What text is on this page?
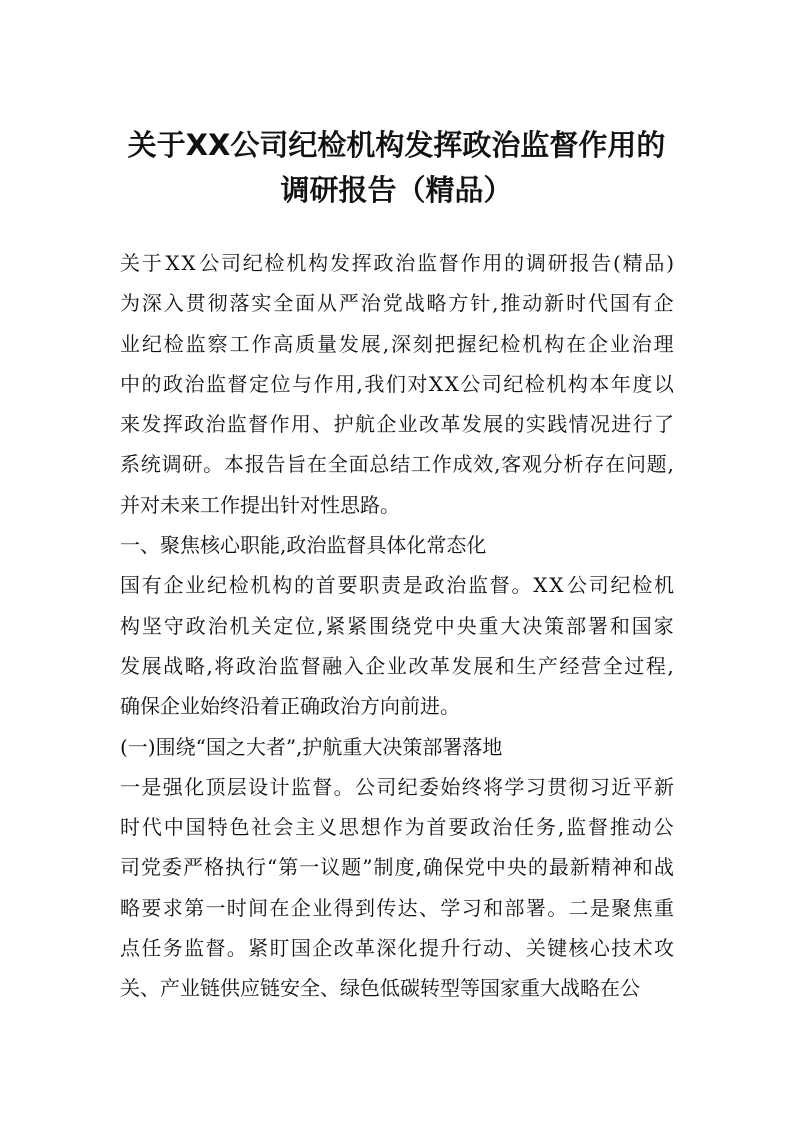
关于XX公司纪检机构发挥政治监督作用的
调研报告（精品）
关 于 X X 公 司 纪 检 机 构 发 挥 政 治 监 督 作 用 的 调 研 报 告 ( 精 品 )
为 深 入 贯 彻 落 实 全 面 从 严 治 党 战 略 方 针 , 推 动 新 时 代 国 有 企
业 纪 检 监 察 工 作 高 质 量 发 展 , 深 刻 把 握 纪 检 机 构 在 企 业 治 理
中 的 政 治 监 督 定 位 与 作 用 , 我 们 对 X X 公 司 纪 检 机 构 本 年 度 以
来 发 挥 政 治 监 督 作 用 、 护 航 企 业 改 革 发 展 的 实 践 情 况 进 行 了
系 统 调 研 。 本 报 告 旨 在 全 面 总 结 工 作 成 效 , 客 观 分 析 存 在 问 题 ,
并对未来工作提出针对性思路。
一、聚焦核心职能,政治监督具体化常态化
国 有 企 业 纪 检 机 构 的 首 要 职 责 是 政 治 监 督 。 X X 公 司 纪 检 机
构 坚 守 政 治 机 关 定 位 , 紧 紧 围 绕 党 中 央 重 大 决 策 部 署 和 国 家
发 展 战 略 , 将 政 治 监 督 融 入 企 业 改 革 发 展 和 生 产 经 营 全 过 程 ,
确保企业始终沿着正确政治方向前进。
(一)围绕“国之大者”,护航重大决策部署落地
一 是 强 化 顶 层 设 计 监 督 。 公 司 纪 委 始 终 将 学 习 贯 彻 习 近 平 新
时 代 中 国 特 色 社 会 主 义 思 想 作 为 首 要 政 治 任 务 , 监 督 推 动 公
司 党 委 严 格 执 行 “ 第 一 议 题 ” 制 度 , 确 保 党 中 央 的 最 新 精 神 和 战
略 要 求 第 一 时 间 在 企 业 得 到 传 达 、 学 习 和 部 署 。 二 是 聚 焦 重
点 任 务 监 督 。 紧 盯 国 企 改 革 深 化 提 升 行 动 、 关 键 核 心 技 术 攻
关、产业链供应链安全、绿色低碳转型等国家重大战略在公
